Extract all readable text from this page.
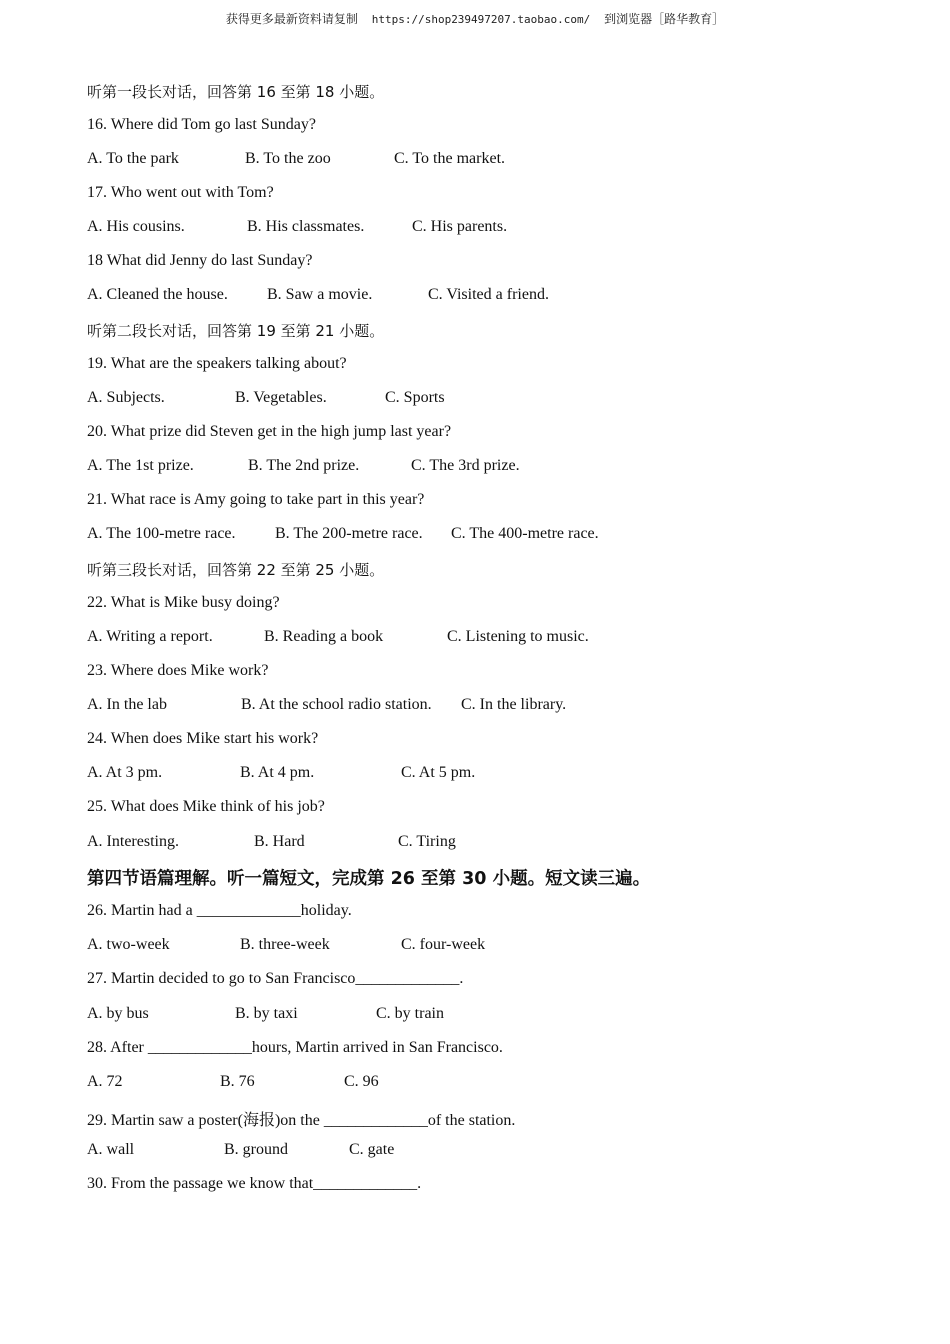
获得更多最新资料请复制 https://shop239497207.taobao.com/ 到浏览器［路华教育］
听第一段长对话，回答第 16 至第 18 小题。
16. Where did Tom go last Sunday?
A. To the park	B. To the zoo	C. To the market.
17. Who went out with Tom?
A. His cousins.	B. His classmates.	C. His parents.
18 What did Jenny do last Sunday?
A. Cleaned the house. B. Saw a movie.	C. Visited a friend.
听第二段长对话，回答第 19 至第 21 小题。
19. What are the speakers talking about?
A. Subjects.	B. Vegetables.	C. Sports
20. What prize did Steven get in the high jump last year?
A. The 1st prize.	B. The 2nd prize.	C. The 3rd prize.
21. What race is Amy going to take part in this year?
A. The 100-metre race. B. The 200-metre race. C. The 400-metre race.
听第三段长对话，回答第 22 至第 25 小题。
22. What is Mike busy doing?
A. Writing a report.	B. Reading a book	C. Listening to music.
23. Where does Mike work?
A. In the lab	B. At the school radio station. C. In the library.
24. When does Mike start his work?
A. At 3 pm.	B. At 4 pm.	C. At 5 pm.
25. What does Mike think of his job?
A. Interesting.	B. Hard	C. Tiring
第四节语篇理解。听一篇短文，完成第 26 至第 30 小题。短文读三遍。
26. Martin had a _____________holiday.
A. two-week	B. three-week	C. four-week
27. Martin decided to go to San Francisco_____________.
A. by bus	B. by taxi	C. by train
28. After _____________hours, Martin arrived in San Francisco.
A. 72	B. 76	C. 96
29. Martin saw a poster(海报)on the _____________of the station.
A. wall	B. ground	C. gate
30. From the passage we know that_____________.
